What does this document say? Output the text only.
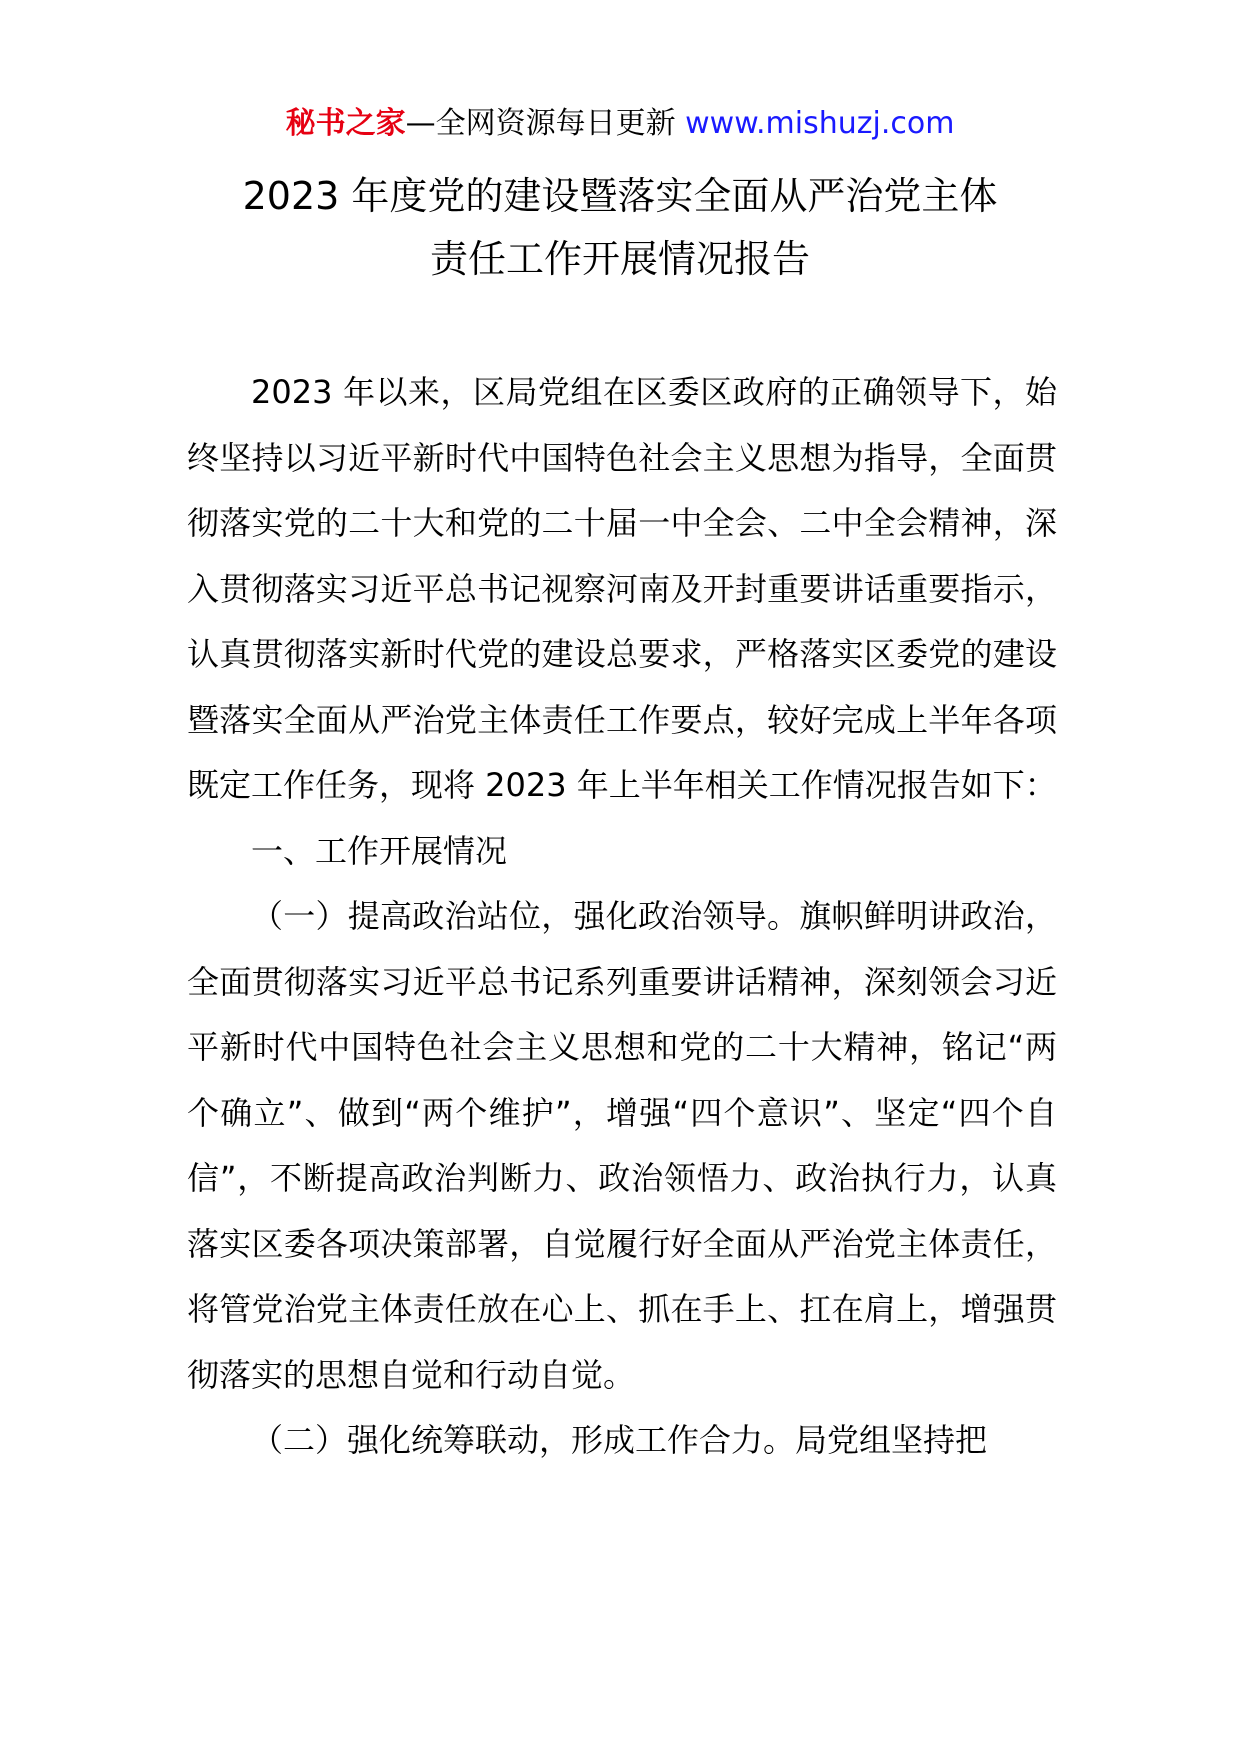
秘书之家—全网资源每日更新 www.mishuzj.com
2023 年度党的建设暨落实全面从严治党主体
责任工作开展情况报告

2023 年以来，区局党组在区委区政府的正确领导下，始终坚持以习近平新时代中国特色社会主义思想为指导，全面贯彻落实党的二十大和党的二十届一中全会、二中全会精神，深入贯彻落实习近平总书记视察河南及开封重要讲话重要指示，认真贯彻落实新时代党的建设总要求，严格落实区委党的建设暨落实全面从严治党主体责任工作要点，较好完成上半年各项既定工作任务，现将 2023 年上半年相关工作情况报告如下：

一、工作开展情况

（一）提高政治站位，强化政治领导。旗帜鲜明讲政治，全面贯彻落实习近平总书记系列重要讲话精神，深刻领会习近平新时代中国特色社会主义思想和党的二十大精神，铭记“两个确立”、做到“两个维护”，增强“四个意识”、坚定“四个自信”，不断提高政治判断力、政治领悟力、政治执行力，认真落实区委各项决策部署，自觉履行好全面从严治党主体责任，将管党治党主体责任放在心上、抓在手上、扛在肩上，增强贯彻落实的思想自觉和行动自觉。

（二）强化统筹联动，形成工作合力。局党组坚持把
